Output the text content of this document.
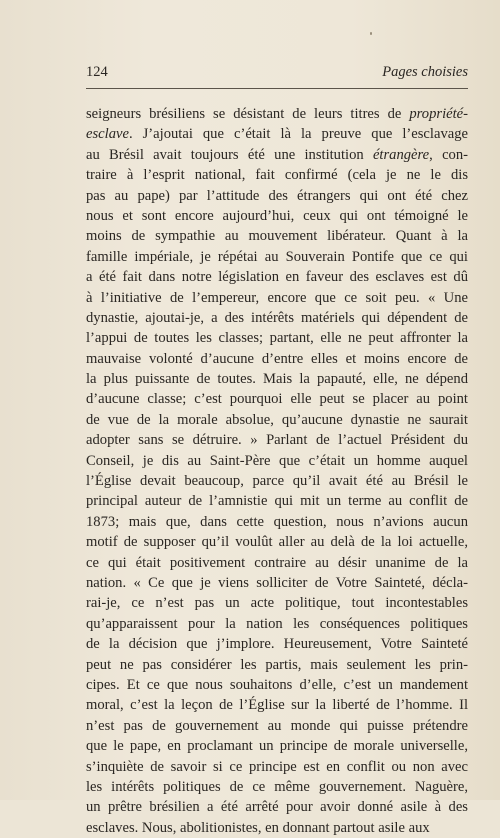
124	Pages choisies
seigneurs brésiliens se désistant de leurs titres de propriété-
esclave. J’ajoutai que c’était là la preuve que l’esclavage
au Brésil avait toujours été une institution étrangère, con-
traire à l’esprit national, fait confirmé (cela je ne le dis
pas au pape) par l’attitude des étrangers qui ont été chez
nous et sont encore aujourd’hui, ceux qui ont témoigné le
moins de sympathie au mouvement libérateur. Quant à la
famille impériale, je répétai au Souverain Pontife que ce qui
a été fait dans notre législation en faveur des esclaves est dû
à l’initiative de l’empereur, encore que ce soit peu. « Une
dynastie, ajoutai-je, a des intérêts matériels qui dépendent de
l’appui de toutes les classes; partant, elle ne peut affronter la
mauvaise volonté d’aucune d’entre elles et moins encore de
la plus puissante de toutes. Mais la papauté, elle, ne dépend
d’aucune classe; c’est pourquoi elle peut se placer au point
de vue de la morale absolue, qu’aucune dynastie ne saurait
adopter sans se détruire. » Parlant de l’actuel Président du
Conseil, je dis au Saint-Père que c’était un homme auquel
l’Église devait beaucoup, parce qu’il avait été au Brésil le
principal auteur de l’amnistie qui mit un terme au conflit de
1873; mais que, dans cette question, nous n’avions aucun
motif de supposer qu’il voulût aller au delà de la loi actuelle,
ce qui était positivement contraire au désir unanime de la
nation. « Ce que je viens solliciter de Votre Sainteté, décla-
rai-je, ce n’est pas un acte politique, tout incontestables
qu’apparaissent pour la nation les conséquences politiques
de la décision que j’implore. Heureusement, Votre Sainteté
peut ne pas considérer les partis, mais seulement les prin-
cipes. Et ce que nous souhaitons d’elle, c’est un mandement
moral, c’est la leçon de l’Église sur la liberté de l’homme. Il
n’est pas de gouvernement au monde qui puisse prétendre
que le pape, en proclamant un principe de morale universelle,
s’inquiète de savoir si ce principe est en conflit ou non avec
les intérêts politiques de ce même gouvernement. Naguère,
un prêtre brésilien a été arrêté pour avoir donné asile à des
esclaves. Nous, abolitionistes, en donnant partout asile aux
